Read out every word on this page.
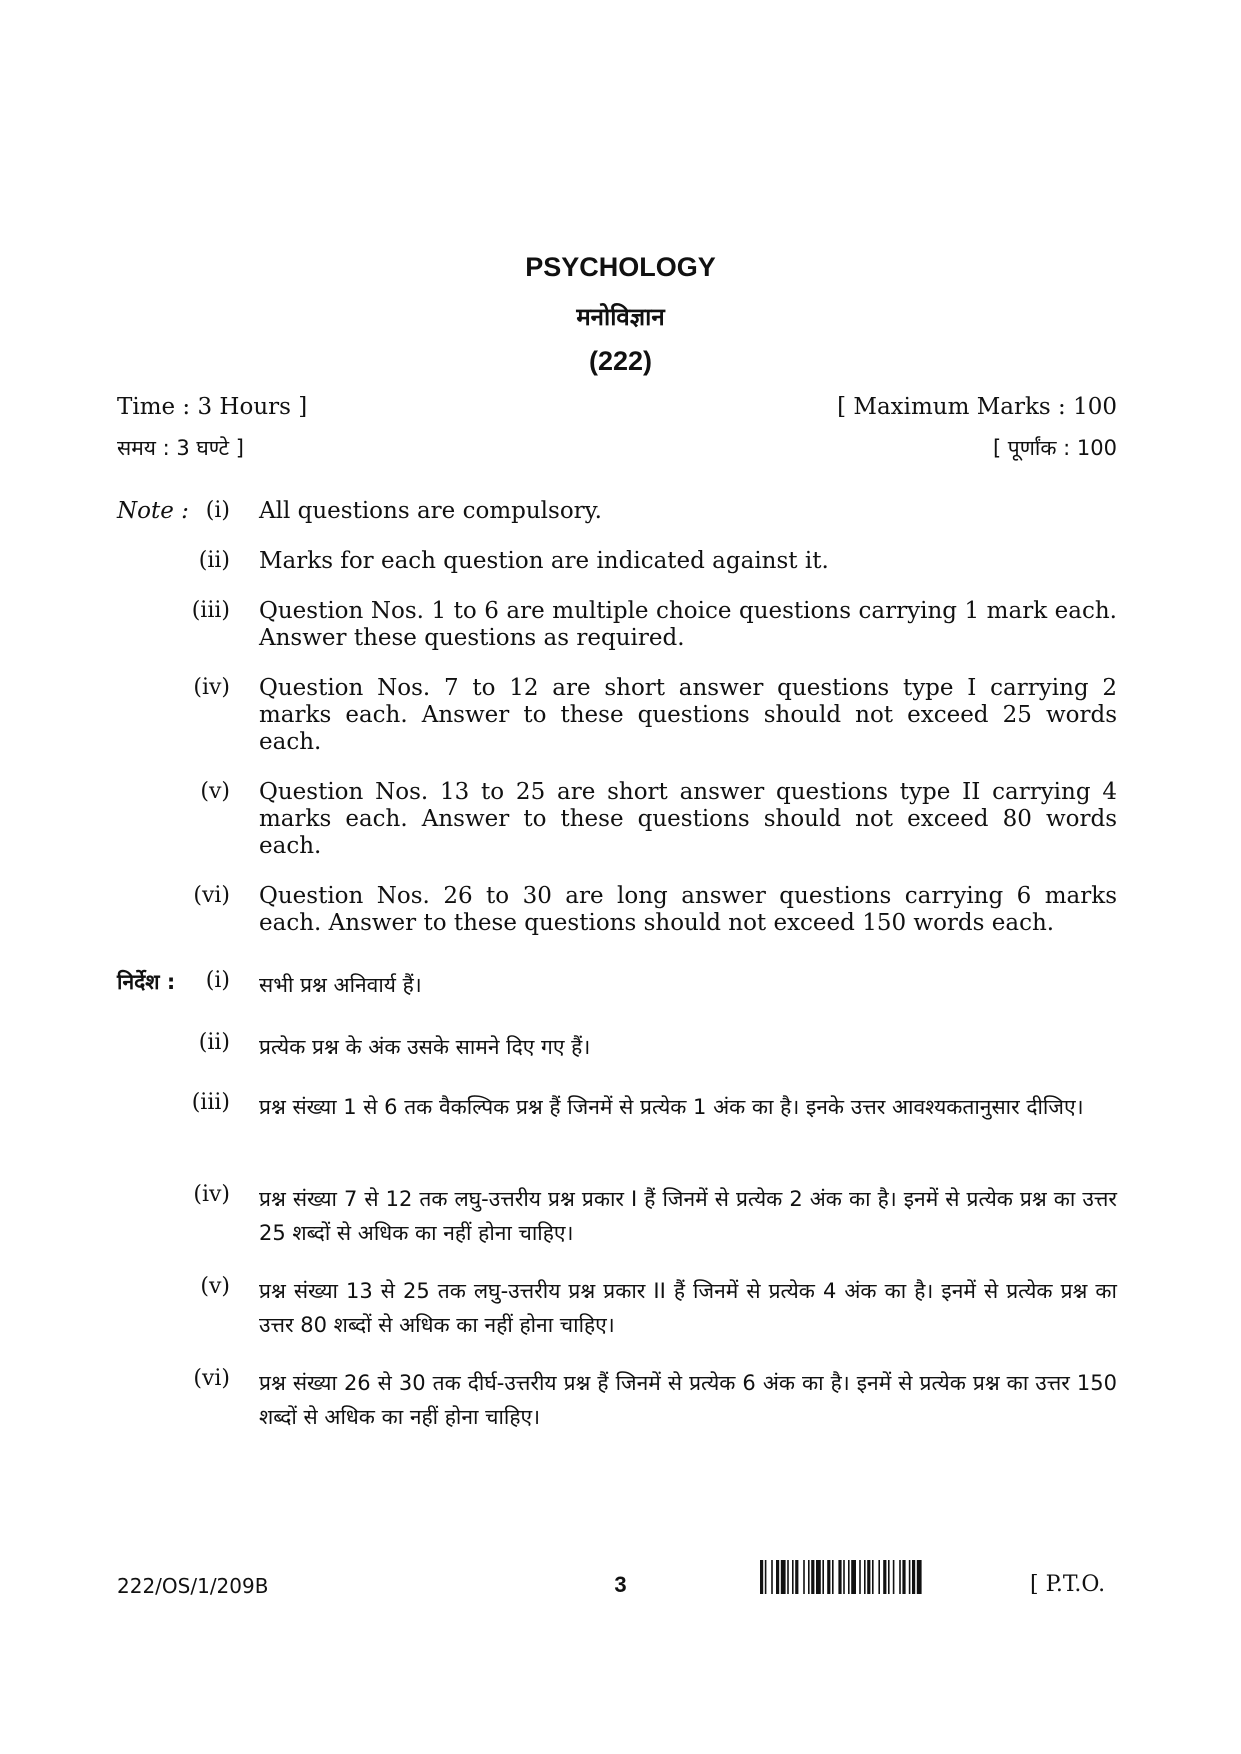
PSYCHOLOGY
मनोविज्ञान
(222)
Time : 3 Hours ]
समय : 3 घण्टे ]
[ Maximum Marks : 100
[ पूर्णांक : 100
Note : (i) All questions are compulsory.
(ii) Marks for each question are indicated against it.
(iii) Question Nos. 1 to 6 are multiple choice questions carrying 1 mark each. Answer these questions as required.
(iv) Question Nos. 7 to 12 are short answer questions type I carrying 2 marks each. Answer to these questions should not exceed 25 words each.
(v) Question Nos. 13 to 25 are short answer questions type II carrying 4 marks each. Answer to these questions should not exceed 80 words each.
(vi) Question Nos. 26 to 30 are long answer questions carrying 6 marks each. Answer to these questions should not exceed 150 words each.
निर्देश : (i) सभी प्रश्न अनिवार्य हैं।
(ii) प्रत्येक प्रश्न के अंक उसके सामने दिए गए हैं।
(iii) प्रश्न संख्या 1 से 6 तक वैकल्पिक प्रश्न हैं जिनमें से प्रत्येक 1 अंक का है। इनके उत्तर आवश्यकतानुसार दीजिए।
(iv) प्रश्न संख्या 7 से 12 तक लघु-उत्तरीय प्रश्न प्रकार I हैं जिनमें से प्रत्येक 2 अंक का है। इनमें से प्रत्येक प्रश्न का उत्तर 25 शब्दों से अधिक का नहीं होना चाहिए।
(v) प्रश्न संख्या 13 से 25 तक लघु-उत्तरीय प्रश्न प्रकार II हैं जिनमें से प्रत्येक 4 अंक का है। इनमें से प्रत्येक प्रश्न का उत्तर 80 शब्दों से अधिक का नहीं होना चाहिए।
(vi) प्रश्न संख्या 26 से 30 तक दीर्घ-उत्तरीय प्रश्न हैं जिनमें से प्रत्येक 6 अंक का है। इनमें से प्रत्येक प्रश्न का उत्तर 150 शब्दों से अधिक का नहीं होना चाहिए।
222/OS/1/209B	3	[ P.T.O.
